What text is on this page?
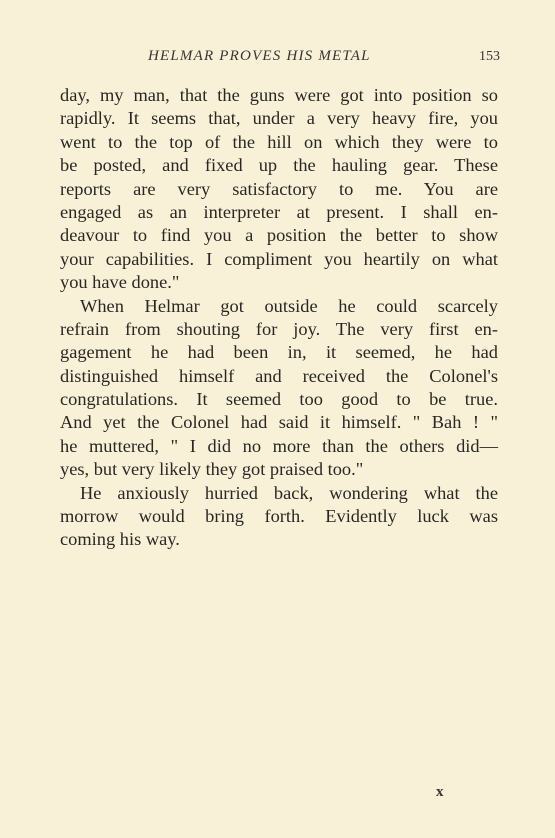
HELMAR PROVES HIS METAL	153
day, my man, that the guns were got into position so
rapidly. It seems that, under a very heavy fire, you
went to the top of the hill on which they were to
be posted, and fixed up the hauling gear. These
reports are very satisfactory to me. You are
engaged as an interpreter at present. I shall en-
deavour to find you a position the better to show
your capabilities. I compliment you heartily on what
you have done."
When Helmar got outside he could scarcely
refrain from shouting for joy. The very first en-
gagement he had been in, it seemed, he had
distinguished himself and received the Colonel's
congratulations. It seemed too good to be true.
And yet the Colonel had said it himself. " Bah ! "
he muttered, " I did no more than the others did—
yes, but very likely they got praised too."
He anxiously hurried back, wondering what the
morrow would bring forth. Evidently luck was
coming his way.
x
